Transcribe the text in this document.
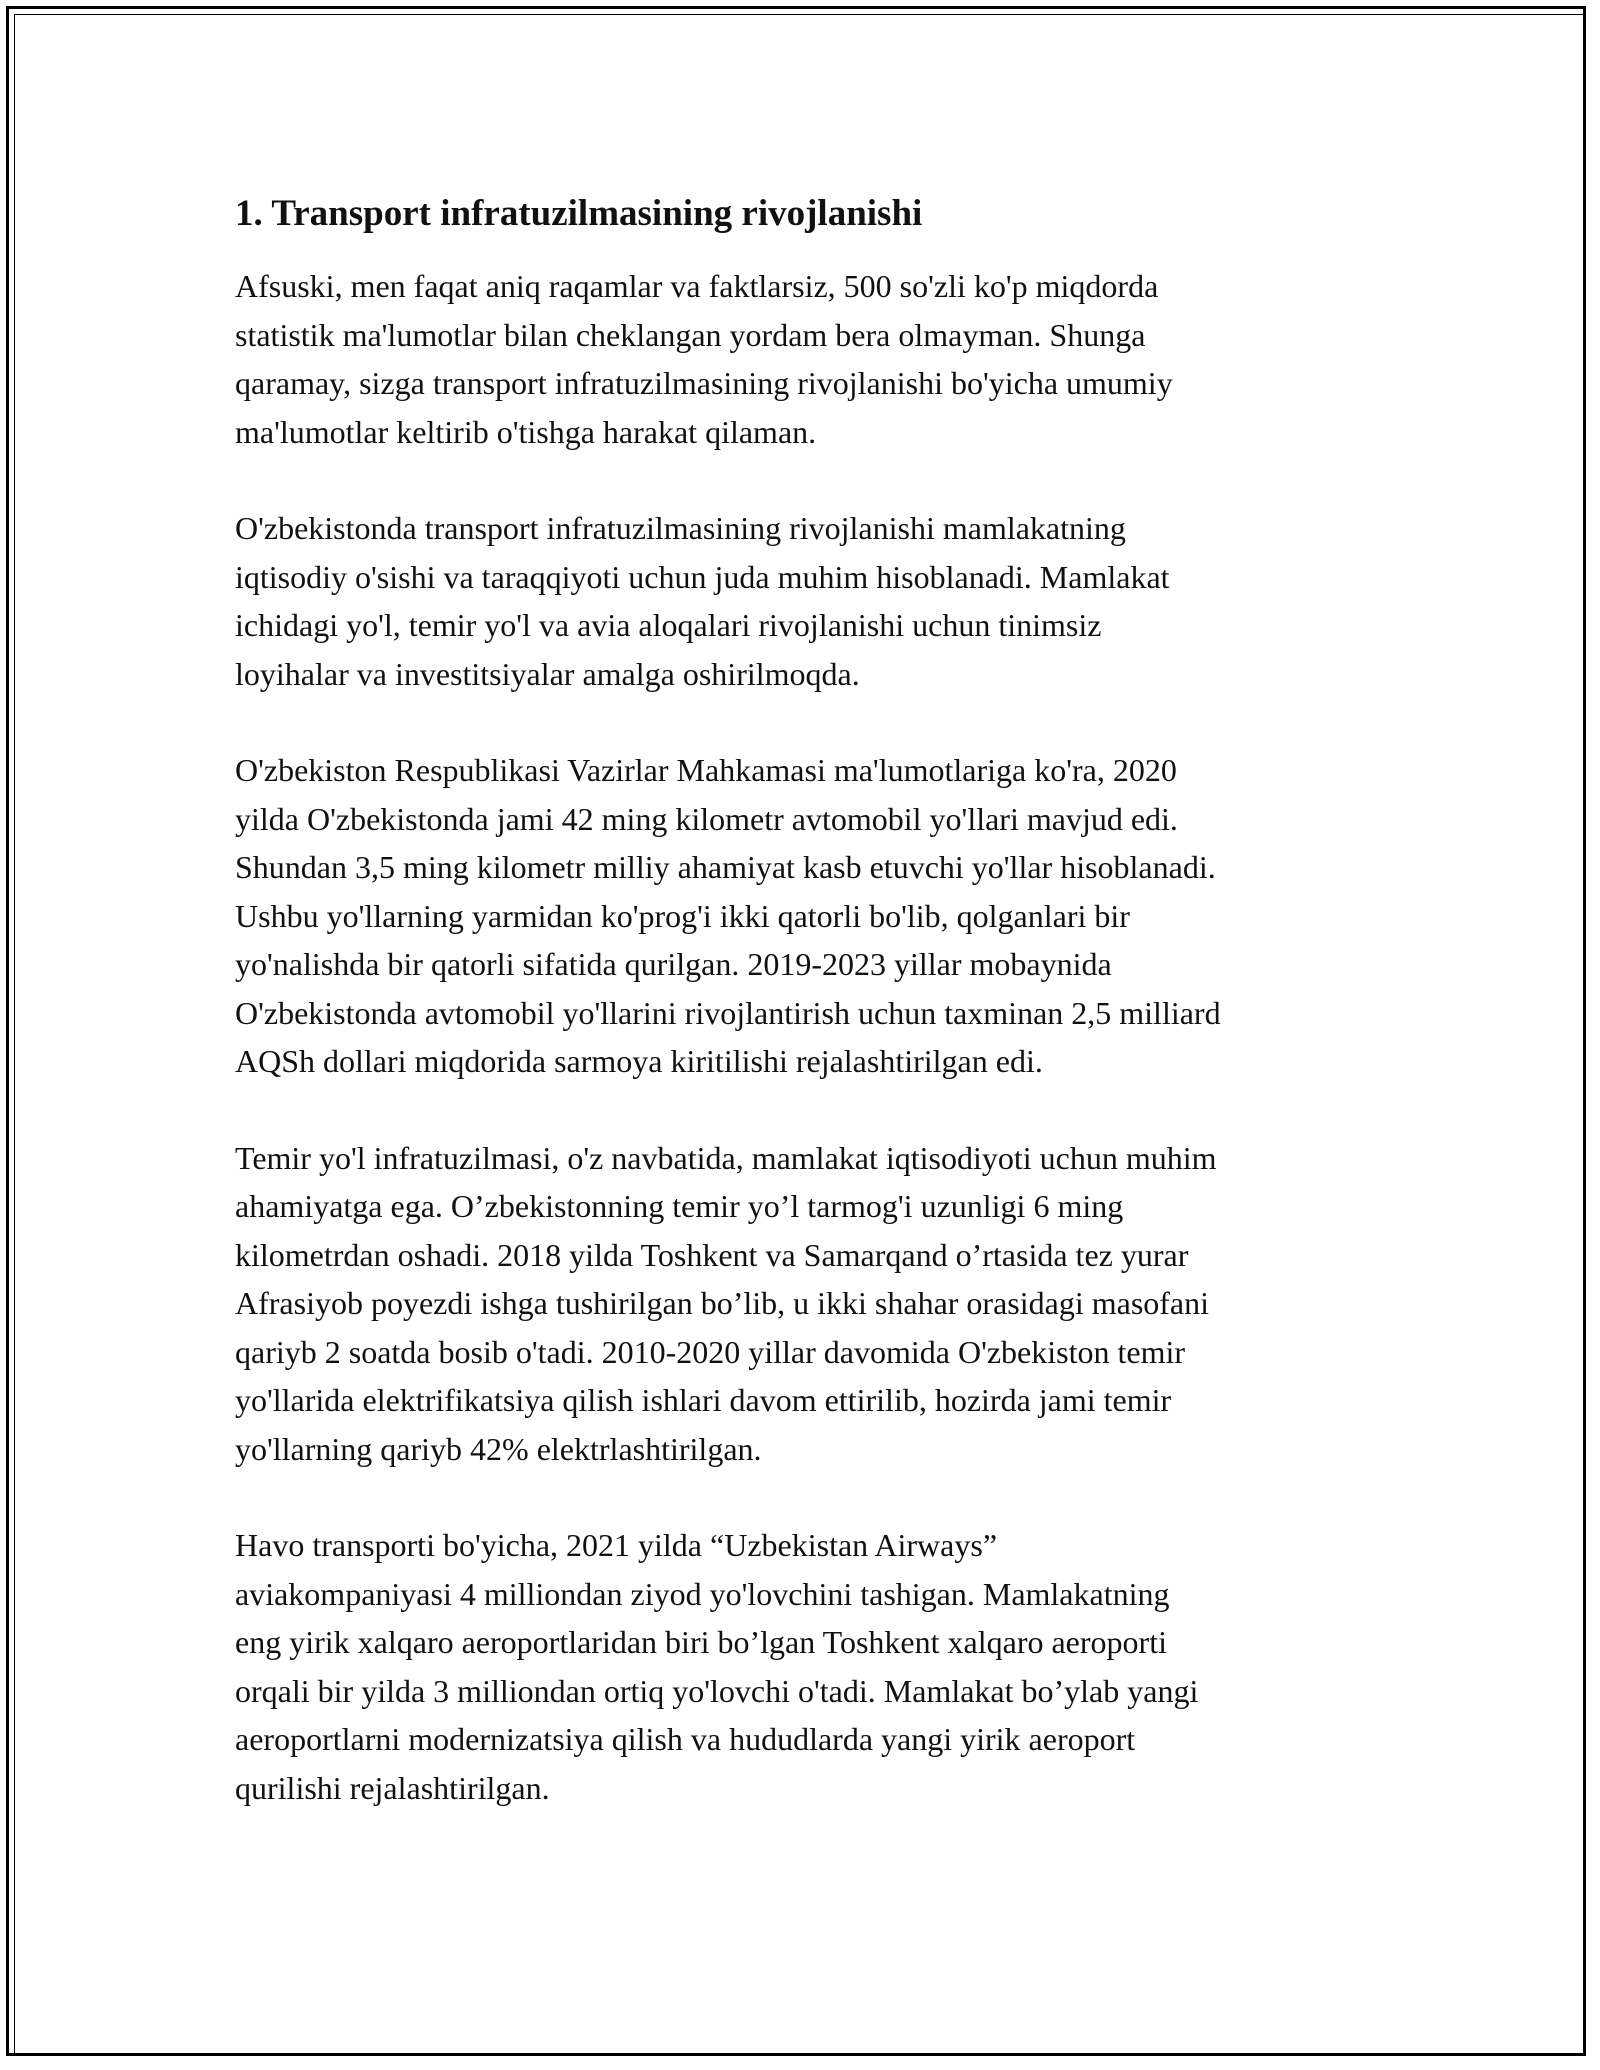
1. Transport infratuzilmasining rivojlanishi

Afsuski, men faqat aniq raqamlar va faktlarsiz, 500 so'zli ko'p miqdorda
statistik ma'lumotlar bilan cheklangan yordam bera olmayman. Shunga
qaramay, sizga transport infratuzilmasining rivojlanishi bo'yicha umumiy
ma'lumotlar keltirib o'tishga harakat qilaman.

O'zbekistonda transport infratuzilmasining rivojlanishi mamlakatning
iqtisodiy o'sishi va taraqqiyoti uchun juda muhim hisoblanadi. Mamlakat
ichidagi yo'l, temir yo'l va avia aloqalari rivojlanishi uchun tinimsiz
loyihalar va investitsiyalar amalga oshirilmoqda.

O'zbekiston Respublikasi Vazirlar Mahkamasi ma'lumotlariga ko'ra, 2020
yilda O'zbekistonda jami 42 ming kilometr avtomobil yo'llari mavjud edi.
Shundan 3,5 ming kilometr milliy ahamiyat kasb etuvchi yo'llar hisoblanadi.
Ushbu yo'llarning yarmidan ko'prog'i ikki qatorli bo'lib, qolganlari bir
yo'nalishda bir qatorli sifatida qurilgan. 2019-2023 yillar mobaynida
O'zbekistonda avtomobil yo'llarini rivojlantirish uchun taxminan 2,5 milliard
AQSh dollari miqdorida sarmoya kiritilishi rejalashtirilgan edi.

Temir yo'l infratuzilmasi, o'z navbatida, mamlakat iqtisodiyoti uchun muhim
ahamiyatga ega. O’zbekistonning temir yo’l tarmog'i uzunligi 6 ming
kilometrdan oshadi. 2018 yilda Toshkent va Samarqand o’rtasida tez yurar
Afrasiyob poyezdi ishga tushirilgan bo’lib, u ikki shahar orasidagi masofani
qariyb 2 soatda bosib o'tadi. 2010-2020 yillar davomida O'zbekiston temir
yo'llarida elektrifikatsiya qilish ishlari davom ettirilib, hozirda jami temir
yo'llarning qariyb 42% elektrlashtirilgan.

Havo transporti bo'yicha, 2021 yilda “Uzbekistan Airways”
aviakompaniyasi 4 milliondan ziyod yo'lovchini tashigan. Mamlakatning
eng yirik xalqaro aeroportlaridan biri bo’lgan Toshkent xalqaro aeroporti
orqali bir yilda 3 milliondan ortiq yo'lovchi o'tadi. Mamlakat bo’ylab yangi
aeroportlarni modernizatsiya qilish va hududlarda yangi yirik aeroport
qurilishi rejalashtirilgan.
